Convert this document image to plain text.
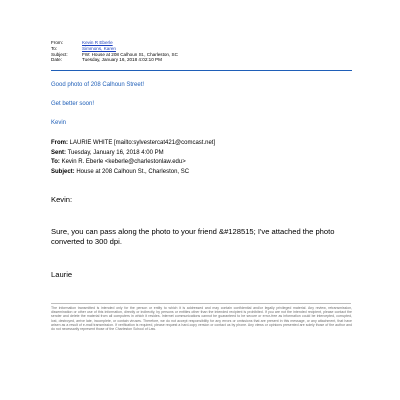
From:	Kevin R Eberle
To:	Simmons, Karen
Subject:	FW: House at 208 Calhoun St., Charleston, SC
Date:	Tuesday, January 16, 2018 4:02:10 PM
Good photo of 208 Calhoun Street!
Get better soon!
Kevin
From: LAURIE WHITE [mailto:sylvestercat421@comcast.net]
Sent: Tuesday, January 16, 2018 4:00 PM
To: Kevin R. Eberle <keberle@charlestonlaw.edu>
Subject: House at 208 Calhoun St., Charleston, SC
Kevin:
Sure, you can pass along the photo to your friend &#128515; I've attached the photo converted to 300 dpi.
Laurie
The information transmitted is intended only for the person or entity to which it is addressed and may contain confidential and/or legally privileged material. Any review, retransmission, dissemination or other use of this information, directly or indirectly, by persons or entities other than the intended recipient is prohibited. If you are not the intended recipient, please contact the sender and delete the material from all computers in which it resides. Internet communications cannot be guaranteed to be secure or error-free as information could be intercepted, corrupted, lost, destroyed, arrive late, incomplete, or contain viruses. Therefore, we do not accept responsibility for any errors or omissions that are present in this message, or any attachment, that have arisen as a result of e-mail transmission. If verification is required, please request a hard-copy version or contact us by phone. Any views or opinions presented are solely those of the author and do not necessarily represent those of the Charleston School of Law.
